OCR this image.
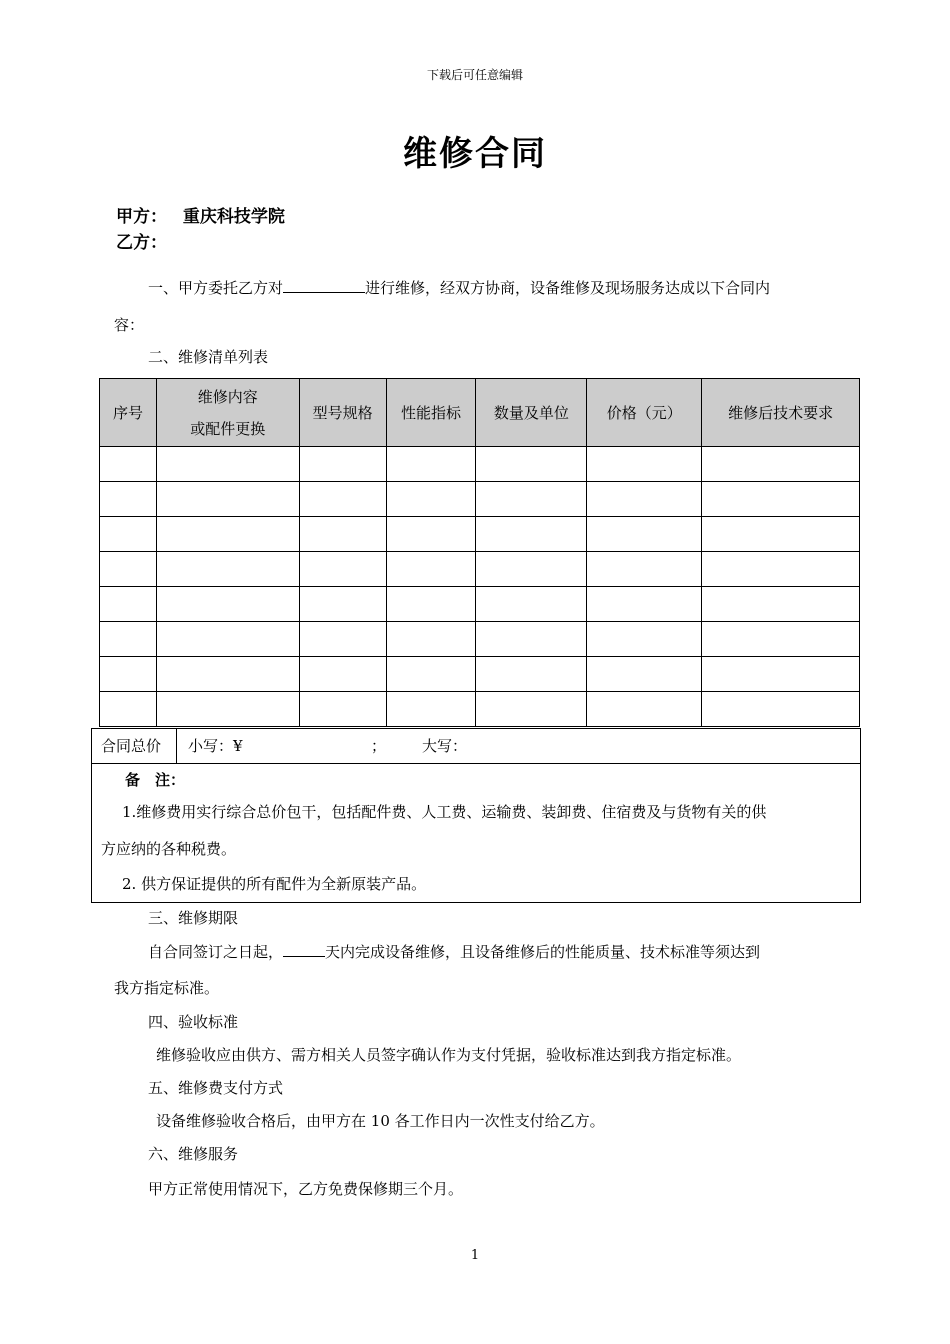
下载后可任意编辑
维修合同
甲方： 重庆科技学院
乙方：
一、甲方委托乙方对	进行维修，经双方协商，设备维修及现场服务达成以下合同内
容：
二、维修清单列表
序号	维修内容
或配件更换	型号规格	性能指标	数量及单位	价格（元）	维修后技术要求

合同总价 小写：¥	； 大写：
备　注：
1.维修费用实行综合总价包干，包括配件费、人工费、运输费、装卸费、住宿费及与货物有关的供
方应纳的各种税费。
2. 供方保证提供的所有配件为全新原装产品。
三、维修期限
自合同签订之日起，	天内完成设备维修，且设备维修后的性能质量、技术标准等须达到
我方指定标准。
四、验收标准
维修验收应由供方、需方相关人员签字确认作为支付凭据，验收标准达到我方指定标准。
五、维修费支付方式
设备维修验收合格后，由甲方在 10 各工作日内一次性支付给乙方。
六、维修服务
甲方正常使用情况下，乙方免费保修期三个月。
1
